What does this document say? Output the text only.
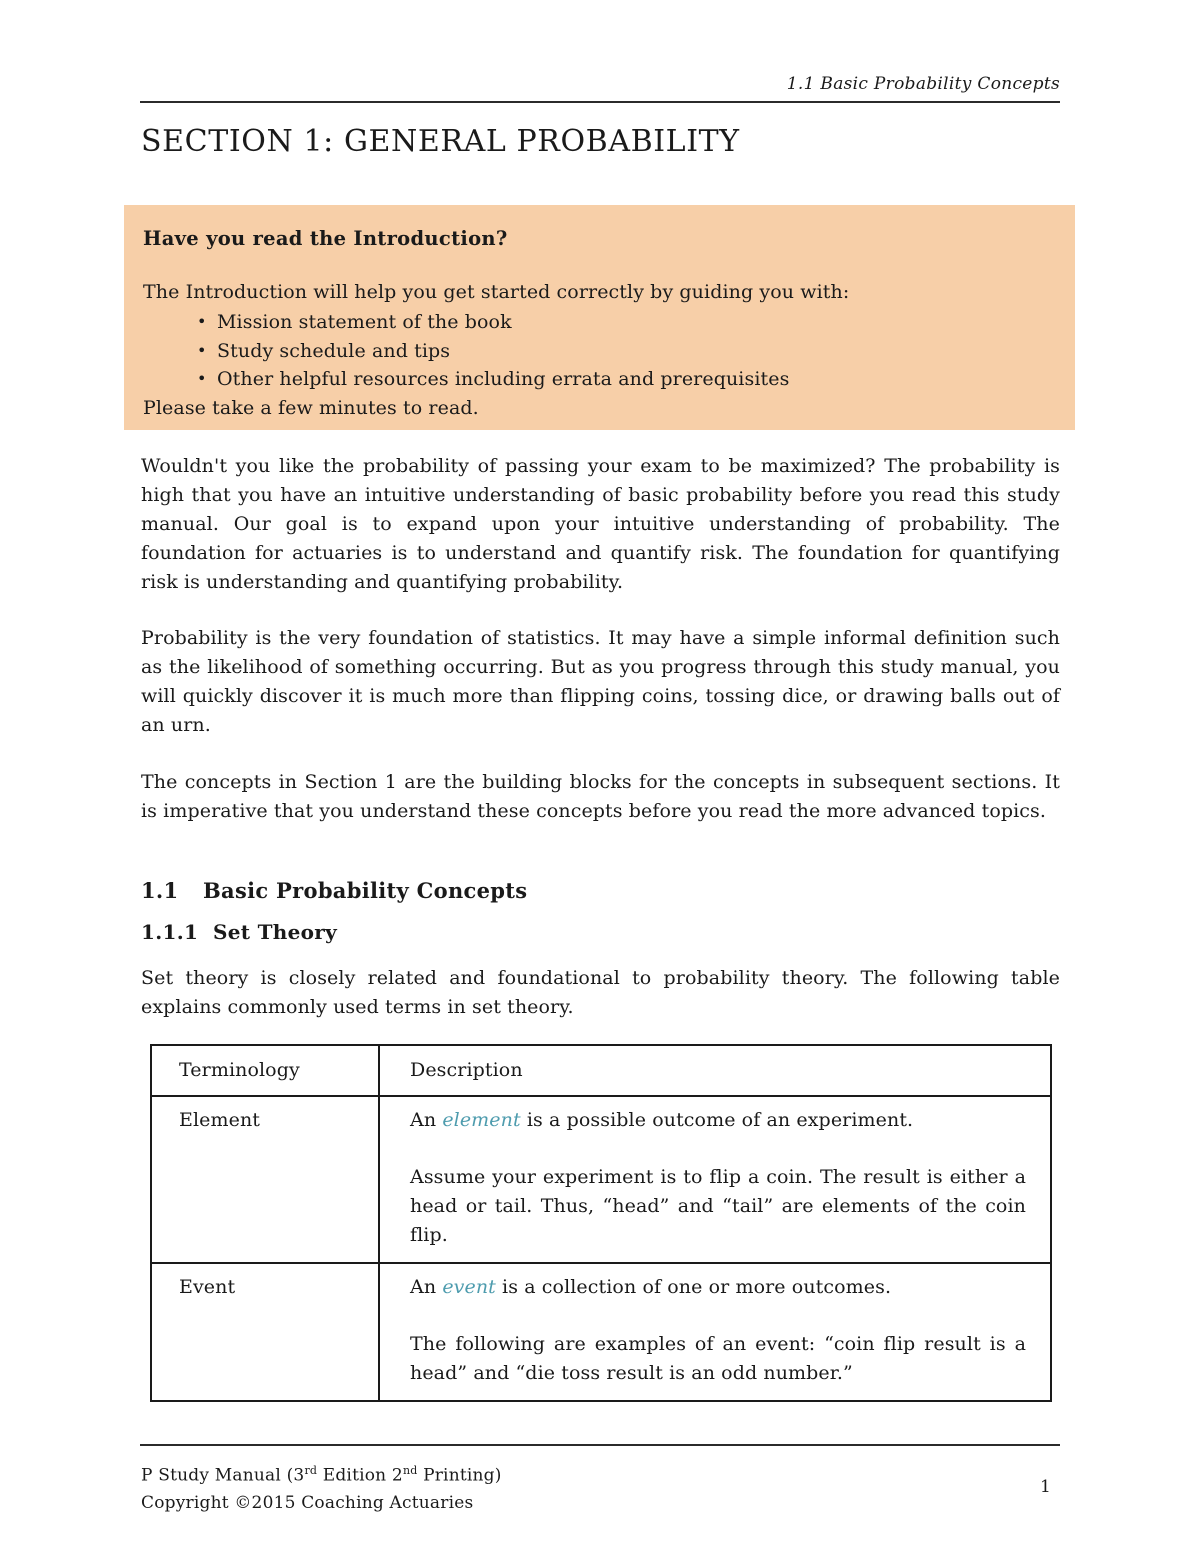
1.1 Basic Probability Concepts
SECTION 1: GENERAL PROBABILITY
Have you read the Introduction?
The Introduction will help you get started correctly by guiding you with:
• Mission statement of the book
• Study schedule and tips
• Other helpful resources including errata and prerequisites
Please take a few minutes to read.
Wouldn't you like the probability of passing your exam to be maximized? The probability is high that you have an intuitive understanding of basic probability before you read this study manual. Our goal is to expand upon your intuitive understanding of probability. The foundation for actuaries is to understand and quantify risk. The foundation for quantifying risk is understanding and quantifying probability.
Probability is the very foundation of statistics. It may have a simple informal definition such as the likelihood of something occurring. But as you progress through this study manual, you will quickly discover it is much more than flipping coins, tossing dice, or drawing balls out of an urn.
The concepts in Section 1 are the building blocks for the concepts in subsequent sections. It is imperative that you understand these concepts before you read the more advanced topics.
1.1 Basic Probability Concepts
1.1.1 Set Theory
Set theory is closely related and foundational to probability theory. The following table explains commonly used terms in set theory.
Terminology	Description
Element	An element is a possible outcome of an experiment.

Assume your experiment is to flip a coin. The result is either a head or tail. Thus, “head” and “tail” are elements of the coin flip.

Event	An event is a collection of one or more outcomes.

The following are examples of an event: “coin flip result is a head” and “die toss result is an odd number.”

P Study Manual (3rd Edition 2nd Printing)
Copyright ©2015 Coaching Actuaries
1
